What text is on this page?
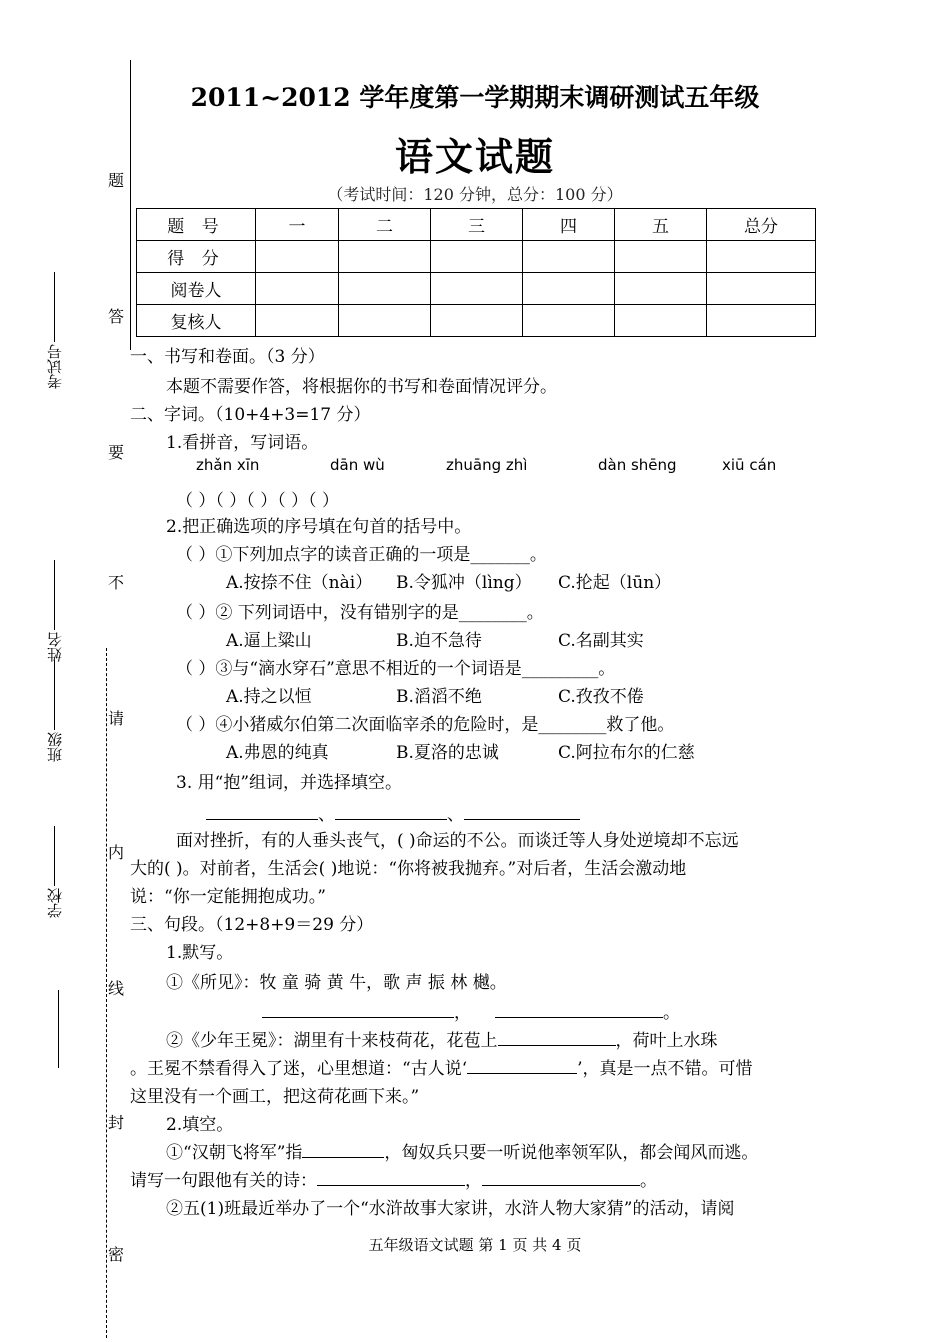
题
答
要
不
请
内
线
封
密
考试号
姓名
班级
学校
2011~2012 学年度第一学期期末调研测试五年级
语文试题
（考试时间：120 分钟，总分：100 分）
题 号	一	二	三	四	五	总分
得 分						
阅卷人						
复核人						
一、书写和卷面。（3 分）
本题不需要作答，将根据你的书写和卷面情况评分。
二、字词。（10+4+3=17 分）
1.看拼音，写词语。
zhǎn xīn	dān wù	zhuāng zhì	dàn shēng	xiū cán
（ ）（ ）（ ）（ ）（ ）
2.把正确选项的序号填在句首的括号中。
（ ）①下列加点字的读音正确的一项是_______。
A.按捺不住（nài） B.令狐冲（lìng） C.抡起（lūn）
（ ）② 下列词语中，没有错别字的是________。
A.逼上粱山	B.迫不急待	C.名副其实
（ ）③与“滴水穿石”意思不相近的一个词语是_________。
A.持之以恒	B.滔滔不绝	C.孜孜不倦
（ ）④小猪威尔伯第二次面临宰杀的危险时，是________救了他。
A.弗恩的纯真	B.夏洛的忠诚	C.阿拉布尔的仁慈
3. 用“抱”组词，并选择填空。
、	、
面对挫折，有的人垂头丧气，( )命运的不公。而谈迁等人身处逆境却不忘远
大的( )。对前者，生活会( )地说：“你将被我抛弃。”对后者，生活会激动地
说：“你一定能拥抱成功。”
三、句段。（12+8+9＝29 分）
1.默写。
①《所见》：牧 童 骑 黄 牛，歌 声 振 林 樾。
，	。
②《少年王冕》：湖里有十来枝荷花，花苞上	，荷叶上水珠
。王冕不禁看得入了迷，心里想道：“古人说‘	’，真是一点不错。可惜
这里没有一个画工，把这荷花画下来。”
2.填空。
①“汉朝飞将军”指	，匈奴兵只要一听说他率领军队，都会闻风而逃。
请写一句跟他有关的诗：	，	。
②五(1)班最近举办了一个“水浒故事大家讲，水浒人物大家猜”的活动，请阅
五年级语文试题 第 1 页 共 4 页
